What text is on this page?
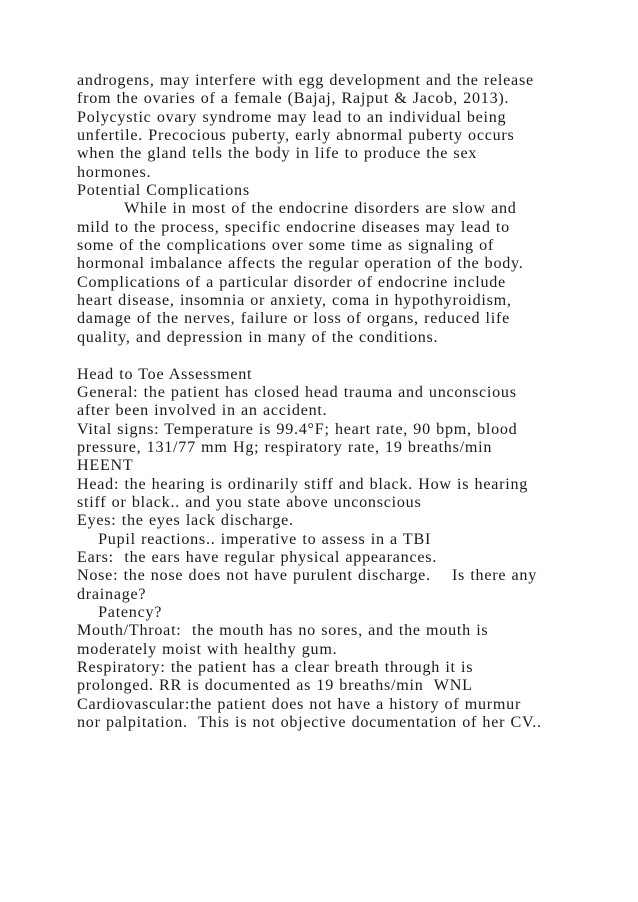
androgens, may interfere with egg development and the release
from the ovaries of a female (Bajaj, Rajput & Jacob, 2013).
Polycystic ovary syndrome may lead to an individual being
unfertile. Precocious puberty, early abnormal puberty occurs
when the gland tells the body in life to produce the sex
hormones.
Potential Complications
While in most of the endocrine disorders are slow and
mild to the process, specific endocrine diseases may lead to
some of the complications over some time as signaling of
hormonal imbalance affects the regular operation of the body.
Complications of a particular disorder of endocrine include
heart disease, insomnia or anxiety, coma in hypothyroidism,
damage of the nerves, failure or loss of organs, reduced life
quality, and depression in many of the conditions.
Head to Toe Assessment
General: the patient has closed head trauma and unconscious
after been involved in an accident.
Vital signs: Temperature is 99.4°F; heart rate, 90 bpm, blood
pressure, 131/77 mm Hg; respiratory rate, 19 breaths/min
HEENT
Head: the hearing is ordinarily stiff and black. How is hearing
stiff or black.. and you state above unconscious
Eyes: the eyes lack discharge.
Pupil reactions.. imperative to assess in a TBI
Ears:  the ears have regular physical appearances.
Nose: the nose does not have purulent discharge.    Is there any
drainage?
Patency?
Mouth/Throat:  the mouth has no sores, and the mouth is
moderately moist with healthy gum.
Respiratory: the patient has a clear breath through it is
prolonged. RR is documented as 19 breaths/min  WNL
Cardiovascular:the patient does not have a history of murmur
nor palpitation.  This is not objective documentation of her CV..
